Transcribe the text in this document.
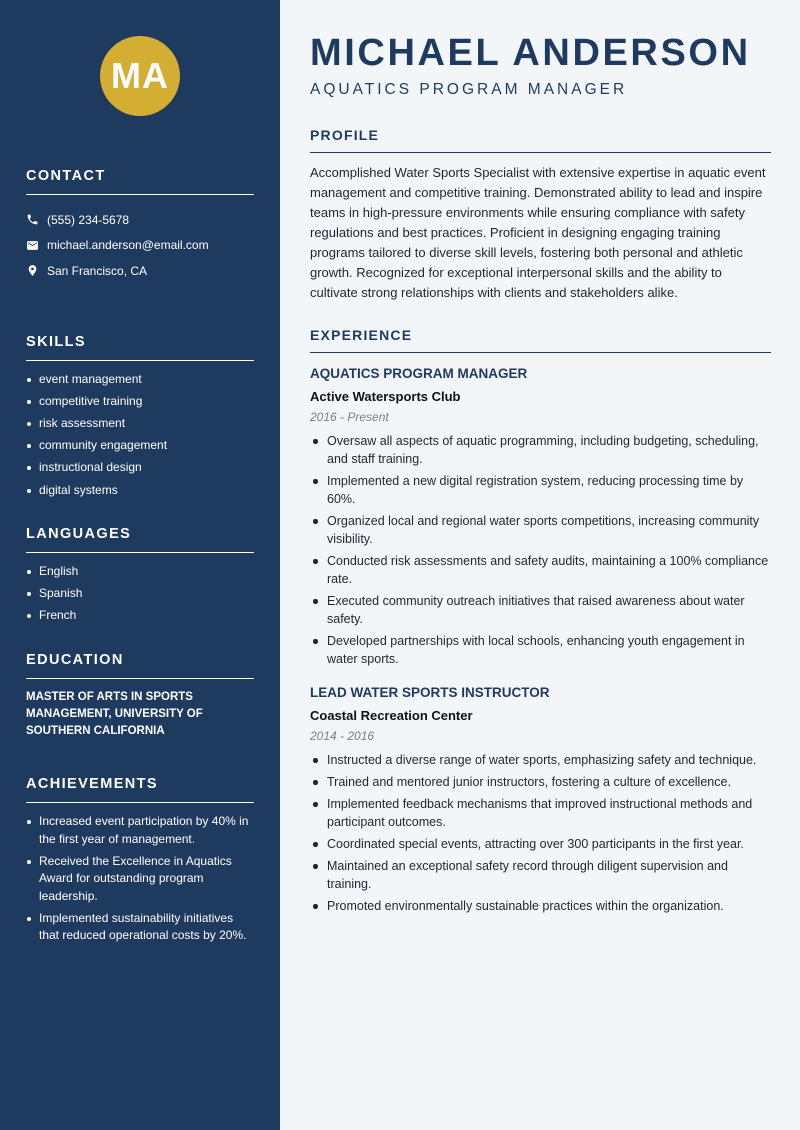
MA
CONTACT
(555) 234-5678
michael.anderson@email.com
San Francisco, CA
SKILLS
event management
competitive training
risk assessment
community engagement
instructional design
digital systems
LANGUAGES
English
Spanish
French
EDUCATION

MASTER OF ARTS IN SPORTS MANAGEMENT, UNIVERSITY OF SOUTHERN CALIFORNIA

ACHIEVEMENTS
Increased event participation by 40% in the first year of management.
Received the Excellence in Aquatics Award for outstanding program leadership.
Implemented sustainability initiatives that reduced operational costs by 20%.
MICHAEL ANDERSON
AQUATICS PROGRAM MANAGER
PROFILE

Accomplished Water Sports Specialist with extensive expertise in aquatic event management and competitive training. Demonstrated ability to lead and inspire teams in high-pressure environments while ensuring compliance with safety regulations and best practices. Proficient in designing engaging training programs tailored to diverse skill levels, fostering both personal and athletic growth. Recognized for exceptional interpersonal skills and the ability to cultivate strong relationships with clients and stakeholders alike.

EXPERIENCE
AQUATICS PROGRAM MANAGER
Active Watersports Club
2016 - Present
Oversaw all aspects of aquatic programming, including budgeting, scheduling, and staff training.
Implemented a new digital registration system, reducing processing time by 60%.
Organized local and regional water sports competitions, increasing community visibility.
Conducted risk assessments and safety audits, maintaining a 100% compliance rate.
Executed community outreach initiatives that raised awareness about water safety.
Developed partnerships with local schools, enhancing youth engagement in water sports.
LEAD WATER SPORTS INSTRUCTOR
Coastal Recreation Center
2014 - 2016
Instructed a diverse range of water sports, emphasizing safety and technique.
Trained and mentored junior instructors, fostering a culture of excellence.
Implemented feedback mechanisms that improved instructional methods and participant outcomes.
Coordinated special events, attracting over 300 participants in the first year.
Maintained an exceptional safety record through diligent supervision and training.
Promoted environmentally sustainable practices within the organization.
